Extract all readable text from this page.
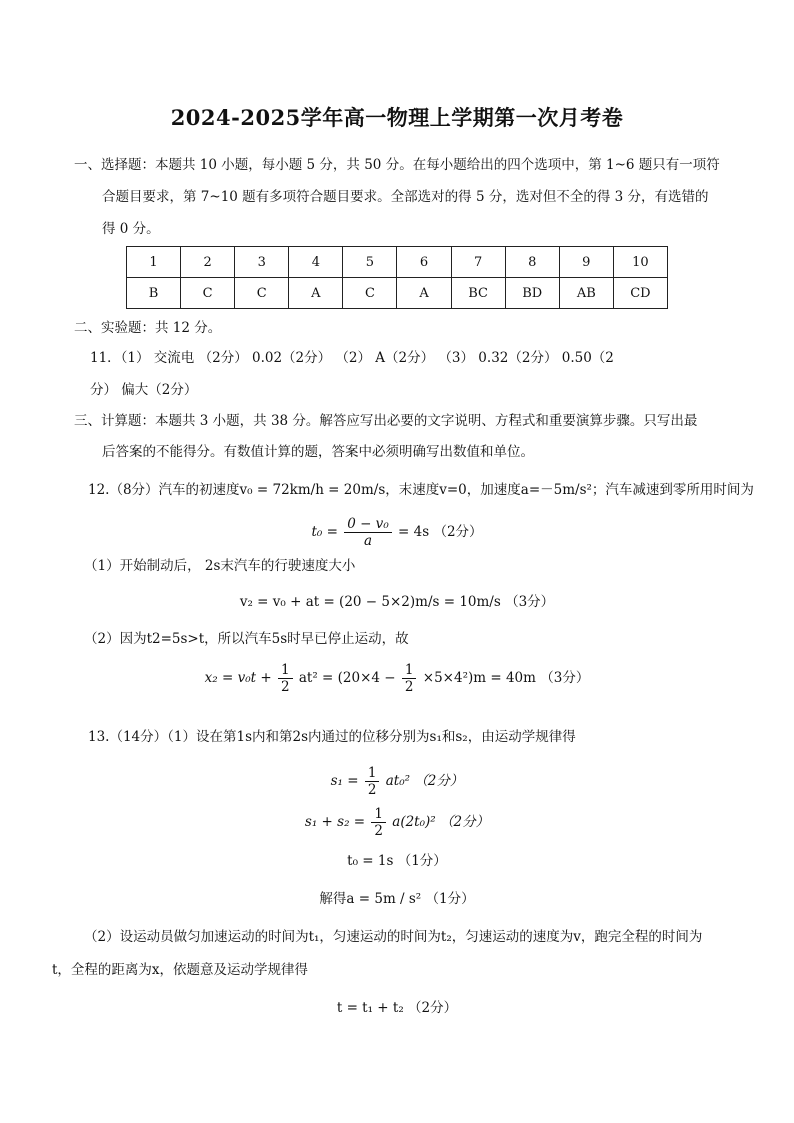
2024-2025学年高一物理上学期第一次月考卷
一、选择题：本题共 10 小题，每小题 5 分，共 50 分。在每小题给出的四个选项中，第 1~6 题只有一项符
合题目要求，第 7~10 题有多项符合题目要求。全部选对的得 5 分，选对但不全的得 3 分，有选错的
得 0 分。
1	2	3	4	5	6	7	8	9	10
B	C	C	A	C	A	BC	BD	AB	CD
二、实验题：共 12 分。
11．（1） 交流电 （2分） 0.02（2分） （2） A（2分） （3） 0.32（2分） 0.50（2
分） 偏大（2分）
三、计算题：本题共 3 小题，共 38 分。解答应写出必要的文字说明、方程式和重要演算步骤。只写出最
后答案的不能得分。有数值计算的题，答案中必须明确写出数值和单位。
12.（8分）汽车的初速度v₀ = 72km/h = 20m/s，末速度v=0，加速度a=－5m/s²；汽车减速到零所用时间为
$t_0 = \frac{\text{0 − v₀}}{a} = 4s$ （2分）
（1）开始制动后， 2s末汽车的行驶速度大小
v₂ = v₀ + at = (20 − 5×2)m/s = 10m/s （3分）
（2）因为t2=5s>t，所以汽车5s时早已停止运动，故
$x_2 = v_0t + \frac{1}{2} at^2 = (20\times 4 - \frac{1}{2} \times 5\times 4^2)m = 40m$ （3分）
13.（14分）（1）设在第1s内和第2s内通过的位移分别为s₁和s₂，由运动学规律得
$s_1 = \frac{1}{2} at_0^2$ （2分）
$s_1 + s_2 = \frac{1}{2} a(2t_0)^2$ （2分）
t₀ = 1s （1分）
解得a = 5m / s² （1分）
（2）设运动员做匀加速运动的时间为t₁，匀速运动的时间为t₂，匀速运动的速度为v，跑完全程的时间为
t，全程的距离为x，依题意及运动学规律得
t = t₁ + t₂ （2分）
